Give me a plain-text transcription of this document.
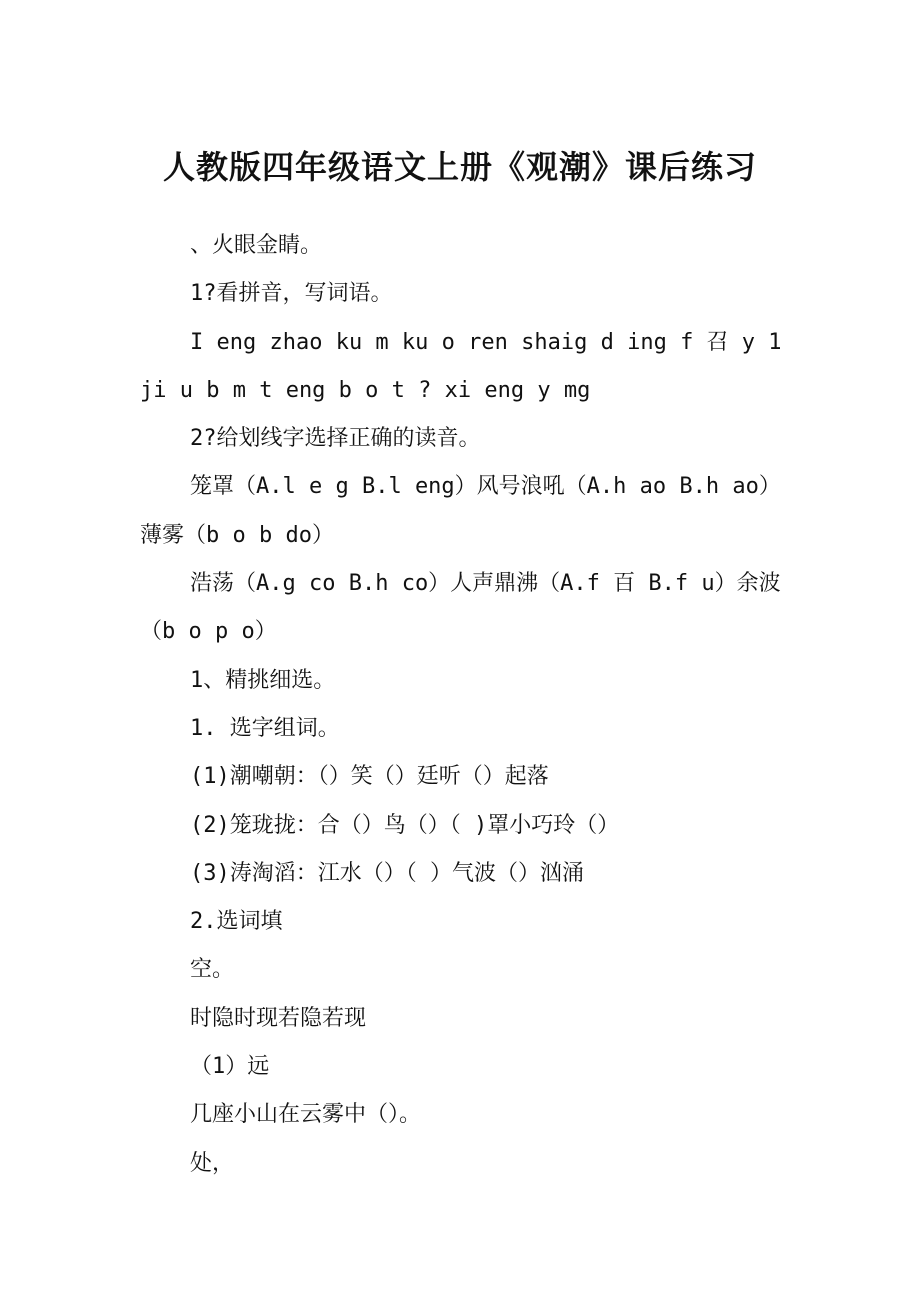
人教版四年级语文上册《观潮》课后练习

、火眼金睛。

1?看拼音，写词语。

I eng zhao ku m ku o ren shaig d ing f 召 y 1 ji u b m t eng b o t ? xi eng y mg

2?给划线字选择正确的读音。

笼罩（A.l e g B.l eng）风号浪吼（A.h ao B.h ao）薄雾（b o b do）

浩荡（A.g co B.h co）人声鼎沸（A.f 百 B.f u）余波（b o p o）

1、精挑细选。

1. 选字组词。

(1)潮嘲朝：（）笑（）廷听（）起落

(2)笼珑拢：合（）鸟（）（ )罩小巧玲（）

(3)涛淘滔：江水（）（ ）气波（）汹涌

2.选词填

空。

时隐时现若隐若现

（1）远

几座小山在云雾中（）。

处，
